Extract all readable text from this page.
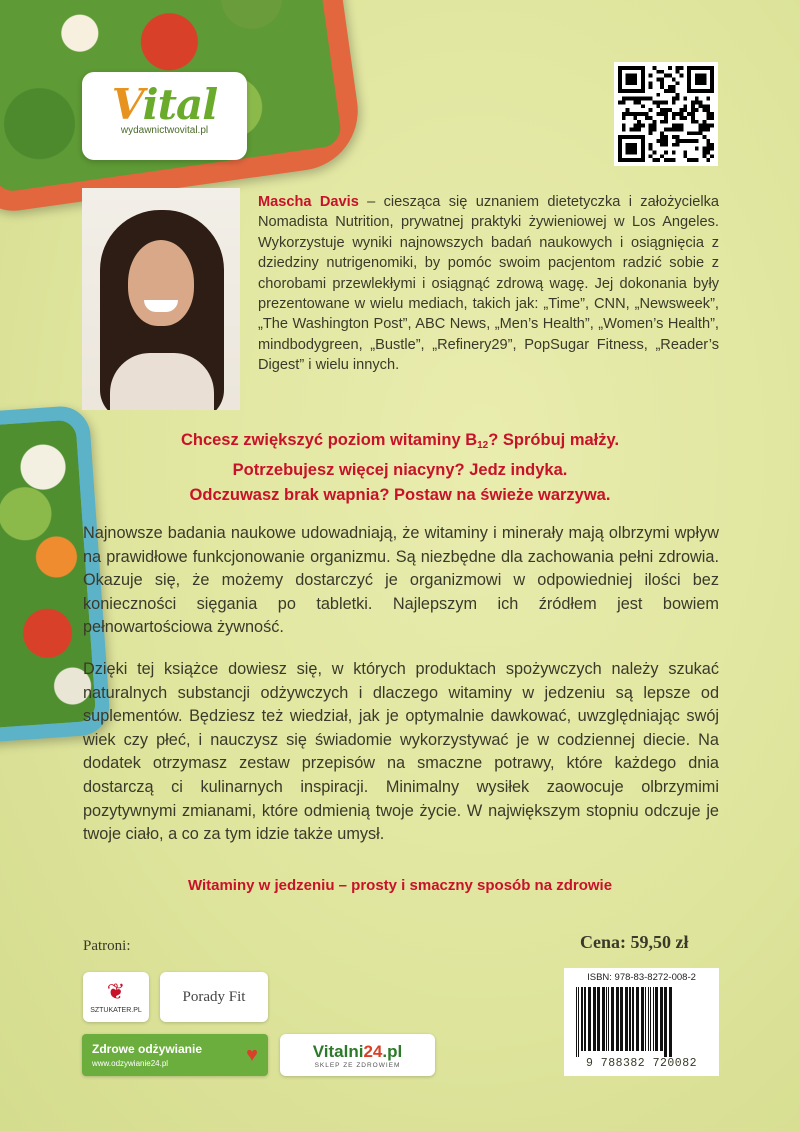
Vital
wydawnictwovital.pl
Mascha Davis – ciesząca się uznaniem dietetyczka i założycielka Nomadista Nutrition, prywatnej praktyki żywieniowej w Los Angeles. Wykorzystuje wyniki najnowszych badań naukowych i osiągnięcia z dziedziny nutrigenomiki, by pomóc swoim pacjentom radzić sobie z chorobami przewlekłymi i osiągnąć zdrową wagę. Jej dokonania były prezentowane w wielu mediach, takich jak: „Time”, CNN, „Newsweek”, „The Washington Post”, ABC News, „Men’s Health”, „Women’s Health”, mindbodygreen, „Bustle”, „Refinery29”, PopSugar Fitness, „Reader’s Digest” i wielu innych.
Chcesz zwiększyć poziom witaminy $B_{12}$? Spróbuj małży.
Potrzebujesz więcej niacyny? Jedz indyka.
Odczuwasz brak wapnia? Postaw na świeże warzywa.
Najnowsze badania naukowe udowadniają, że witaminy i minerały mają olbrzymi wpływ na prawidłowe funkcjonowanie organizmu. Są niezbędne dla zachowania pełni zdrowia. Okazuje się, że możemy dostarczyć je organizmowi w odpowiedniej ilości bez konieczności sięgania po tabletki. Najlepszym ich źródłem jest bowiem pełnowartościowa żywność.
Dzięki tej książce dowiesz się, w których produktach spożywczych należy szukać naturalnych substancji odżywczych i dlaczego witaminy w jedzeniu są lepsze od suplementów. Będziesz też wiedział, jak je optymalnie dawkować, uwzględniając swój wiek czy płeć, i nauczysz się świadomie wykorzystywać je w codziennej diecie. Na dodatek otrzymasz zestaw przepisów na smaczne potrawy, które każdego dnia dostarczą ci kulinarnych inspiracji. Minimalny wysiłek zaowocuje olbrzymimi pozytywnymi zmianami, które odmienią twoje życie. W największym stopniu odczuje je twoje ciało, a co za tym idzie także umysł.
Witaminy w jedzeniu – prosty i smaczny sposób na zdrowie
Patroni:	Cena: 59,50 zł
❦
SZTUKATER.PL
Porady Fit
Zdrowe odżywianie
www.odzywianie24.pl	♥	Vitalni24.pl
SKLEP ZE ZDROWIEM
ISBN: 978-83-8272-008-2
9 788382 720082
